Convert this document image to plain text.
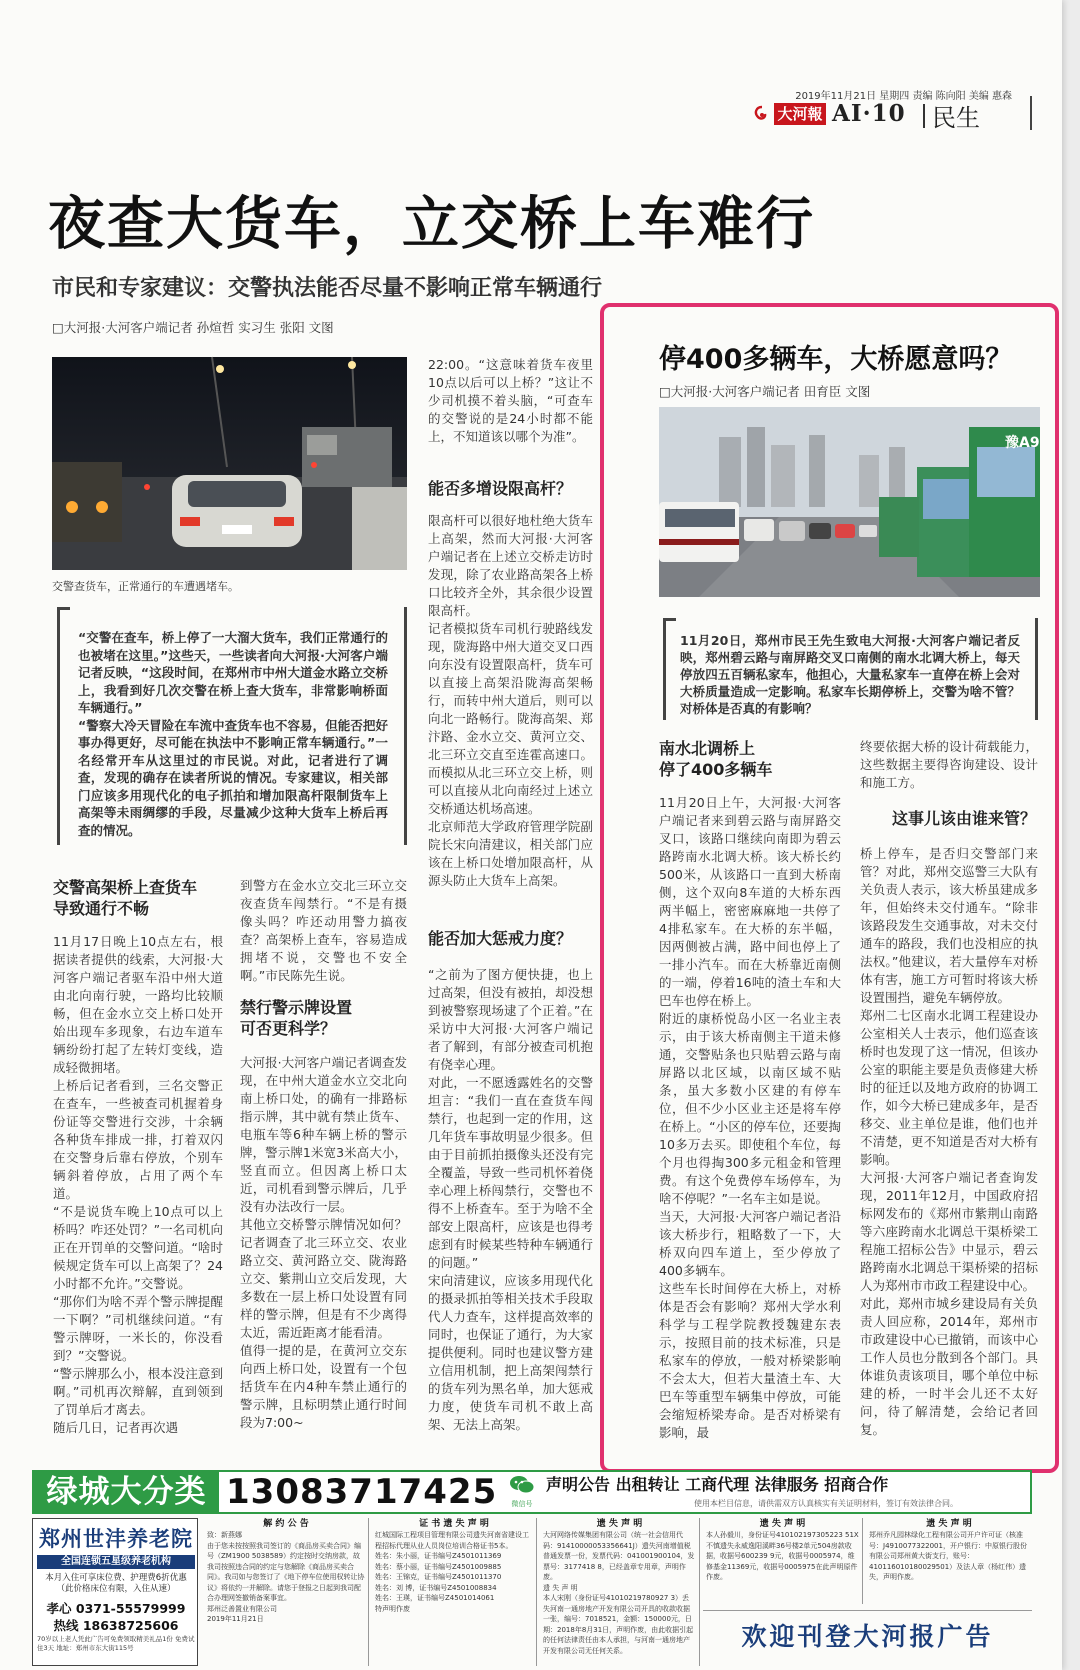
2019年11月21日 星期四 责编 陈向阳 美编 惠森
大河報 AⅠ·10 民生
夜查大货车，立交桥上车难行
市民和专家建议：交警执法能否尽量不影响正常车辆通行
□大河报·大河客户端记者 孙煊哲 实习生 张阳 文图
交警查货车，正常通行的车遭遇堵车。
“交警在查车，桥上停了一大溜大货车，我们正常通行的也被堵在这里。”这些天，一些读者向大河报·大河客户端记者反映，“这段时间，在郑州市中州大道金水路立交桥上，我看到好几次交警在桥上查大货车，非常影响桥面车辆通行。”
“警察大冷天冒险在车流中查货车也不容易，但能否把好事办得更好，尽可能在执法中不影响正常车辆通行。”一名经常开车从这里过的市民说。对此，记者进行了调查，发现的确存在读者所说的情况。专家建议，相关部门应该多用现代化的电子抓拍和增加限高杆限制货车上高架等未雨绸缪的手段，尽量减少这种大货车上桥后再查的情况。
交警高架桥上查货车
导致通行不畅
11月17日晚上10点左右，根据读者提供的线索，大河报·大河客户端记者驱车沿中州大道由北向南行驶，一路均比较顺畅，但在金水立交上桥口处开始出现车多现象，右边车道车辆纷纷打起了左转灯变线，造成轻微拥堵。
上桥后记者看到，三名交警正在查车，一些被查司机握着身份证等交警进行交涉，十余辆各种货车排成一排，打着双闪在交警身后靠右停放，个别车辆斜着停放，占用了两个车道。
“不是说货车晚上10点可以上桥吗？咋还处罚？”一名司机向正在开罚单的交警问道。“啥时候规定货车可以上高架了？24小时都不允许。”交警说。
“那你们为啥不弄个警示牌提醒一下啊？”司机继续问道。“有警示牌呀，一米长的，你没看到？”交警说。
“警示牌那么小，根本没注意到啊。”司机再次辩解，直到领到了罚单后才离去。
随后几日，记者再次遇
到警方在金水立交北三环立交夜查货车闯禁行。“不是有摄像头吗？咋还动用警力搞夜查？高架桥上查车，容易造成拥堵不说，交警也不安全啊。”市民陈先生说。
禁行警示牌设置
可否更科学？
大河报·大河客户端记者调查发现，在中州大道金水立交北向南上桥口处，的确有一排路标指示牌，其中就有禁止货车、电瓶车等6种车辆上桥的警示牌，警示牌1米宽3米高大小，竖直而立。但因离上桥口太近，司机看到警示牌后，几乎没有办法改行一层。
其他立交桥警示牌情况如何？记者调查了北三环立交、农业路立交、黄河路立交、陇海路立交、紫荆山立交后发现，大多数在一层上桥口处设置有同样的警示牌，但是有不少离得太近，需近距离才能看清。
值得一提的是，在黄河立交东向西上桥口处，设置有一个包括货车在内4种车禁止通行的警示牌，且标明禁止通行时间段为7:00~
22:00。“这意味着货车夜里10点以后可以上桥？”这让不少司机摸不着头脑，“可查车的交警说的是24小时都不能上，不知道该以哪个为准”。
能否多增设限高杆？
限高杆可以很好地杜绝大货车上高架，然而大河报·大河客户端记者在上述立交桥走访时发现，除了农业路高架各上桥口比较齐全外，其余很少设置限高杆。
记者模拟货车司机行驶路线发现，陇海路中州大道交叉口西向东没有设置限高杆，货车可以直接上高架沿陇海高架畅行，而转中州大道后，则可以向北一路畅行。陇海高架、郑汴路、金水立交、黄河立交、北三环立交直至连霍高速口。而模拟从北三环立交上桥，则可以直接从北向南经过上述立交桥通达机场高速。
北京师范大学政府管理学院副院长宋向清建议，相关部门应该在上桥口处增加限高杆，从源头防止大货车上高架。
能否加大惩戒力度？
“之前为了图方便快捷，也上过高架，但没有被拍，却没想到被警察现场逮了个正着。”在采访中大河报·大河客户端记者了解到，有部分被查司机抱有侥幸心理。
对此，一不愿透露姓名的交警坦言：“我们一直在查货车闯禁行，也起到一定的作用，这几年货车事故明显少很多。但由于目前抓拍摄像头还没有完全覆盖，导致一些司机怀着侥幸心理上桥闯禁行，交警也不得不上桥查车。至于为啥不全部安上限高杆，应该是也得考虑到有时候某些特种车辆通行的问题。”
宋向清建议，应该多用现代化的摄录抓拍等相关技术手段取代人力查车，这样提高效率的同时，也保证了通行，为大家提供便利。同时也建议警方建立信用机制，把上高架闯禁行的货车列为黑名单，加大惩戒力度，使货车司机不敢上高架、无法上高架。
停400多辆车，大桥愿意吗？
□大河报·大河客户端记者 田育臣 文图
豫A9
11月20日，郑州市民王先生致电大河报·大河客户端记者反映，郑州碧云路与南屏路交叉口南侧的南水北调大桥上，每天停放四五百辆私家车，他担心，大量私家车一直停在桥上会对大桥质量造成一定影响。私家车长期停桥上，交警为啥不管？对桥体是否真的有影响？
南水北调桥上
停了400多辆车
11月20日上午，大河报·大河客户端记者来到碧云路与南屏路交叉口，该路口继续向南即为碧云路跨南水北调大桥。该大桥长约500米，从该路口一直到大桥南侧，这个双向8车道的大桥东西两半幅上，密密麻麻地一共停了4排私家车。在大桥的东半幅，因两侧被占满，路中间也停上了一排小汽车。而在大桥靠近南侧的一端，停着16吨的渣土车和大巴车也停在桥上。
附近的康桥悦岛小区一名业主表示，由于该大桥南侧主干道未修通，交警贴条也只贴碧云路与南屏路以北区域，以南区域不贴条，虽大多数小区建的有停车位，但不少小区业主还是将车停在桥上。“小区的停车位，还要掏10多万去买。即使租个车位，每个月也得掏300多元租金和管理费。有这个免费停车场停车，为啥不停呢？”一名车主如是说。
当天，大河报·大河客户端记者沿该大桥步行，粗略数了一下，大桥双向四车道上，至少停放了400多辆车。
这些车长时间停在大桥上，对桥体是否会有影响？郑州大学水利科学与工程学院教授魏建东表示，按照目前的技术标准，只是私家车的停放，一般对桥梁影响不会太大，但若大量渣土车、大巴车等重型车辆集中停放，可能会缩短桥梁寿命。是否对桥梁有影响，最
终要依据大桥的设计荷载能力，这些数据主要得咨询建设、设计和施工方。
这事儿该由谁来管？
桥上停车，是否归交警部门来管？对此，郑州交巡警三大队有关负责人表示，该大桥虽建成多年，但始终未交付通车。“除非该路段发生交通事故，对未交付通车的路段，我们也没相应的执法权。”他建议，若大量停车对桥体有害，施工方可暂时将该大桥设置围挡，避免车辆停放。
郑州二七区南水北调工程建设办公室相关人士表示，他们巡查该桥时也发现了这一情况，但该办公室的职能主要是负责修建大桥时的征迁以及地方政府的协调工作，如今大桥已建成多年，是否移交、业主单位是谁，他们也并不清楚，更不知道是否对大桥有影响。
大河报·大河客户端记者查询发现，2011年12月，中国政府招标网发布的《郑州市紫荆山南路等六座跨南水北调总干渠桥梁工程施工招标公告》中显示，碧云路跨南水北调总干渠桥梁的招标人为郑州市市政工程建设中心。
对此，郑州市城乡建设局有关负责人回应称，2014年，郑州市市政建设中心已撤销，而该中心工作人员也分散到各个部门。具体谁负责该项目，哪个单位中标建的桥，一时半会儿还不太好问，待了解清楚，会给记者回复。
绿城大分类 13083717425	微信号
声明公告 出租转让 工商代理 法律服务 招商合作
使用本栏目信息，请供需双方认真核实有关证明材料，签订有效法律合同。
郑州世沣养老院
全国连锁五星级养老机构
本月入住可享床位费、护理费6折优惠
（此价格床位有限，入住从速）
孝心 0371-55579999
热线 18638725606
70岁以上老人凭此广告可免费领取精美礼品1份 免费试住3天 地址：郑州市东大街115号
解 约 公 告
致：新燕娜
由于您未按按照我司签订的《商品房买卖合同》编号（ZM1900 5038589）约定按时交纳房款，故我司按照违合同的约定与您解除《商品房买卖合同》。我司如与您签订了《地下停车位使用权转让协议》将依约一并解除。请您于登报之日起到我司配合办理网签撤销备案事宜。
郑州泛善置业有限公司
2019年11月21日
证 书 遗 失 声 明
红城国际工程项目管理有限公司遗失河南省建设工程招标代理从业人员岗位培训合格证书5本。
姓名：朱小丽，证书编号Z4501011369
姓名：蔡小丽，证书编号Z4501009885
姓名：王锦克，证书编号Z4501011370
姓名：刘 博，证书编号Z4501008834
姓名：王瑛，证书编号Z4501014061
特声明作废
遗 失 声 明
大河网络传媒集团有限公司（统一社会信用代码：91410000053356641J）遗失河南增值税普通发票一份，发票代码：041001900104，发票号：3177418 8，已经盖章专用章，声明作废。
遗 失 声 明
本人宋刚（身份证号41010219780927 3）丢失河南一通房地产开发有限公司开具的收款收据一张，编号：7018521，金额：150000元，日期：2018年8月31日，声明作废，由此收据引起的任何法律责任由本人承担，与河南一通房地产开发有限公司无任何关系。
遗 失 声 明
本人孙毅川，身份证号410102197305223 51X不慎遗失永威逸阳溪畔36号楼2单元504房款收据，收据号600239 9元，收据号0005974，维修基金11369元，收据号0005975在此声明原件作废。
遗 失 声 明
郑州乔凡园林绿化工程有限公司开户许可证（核准号：J4910077322001，开户银行：中原银行股份有限公司郑州黄大街支行，账号：410116010180029501）及法人章（杨红伟）遗失，声明作废。
欢迎刊登大河报广告
